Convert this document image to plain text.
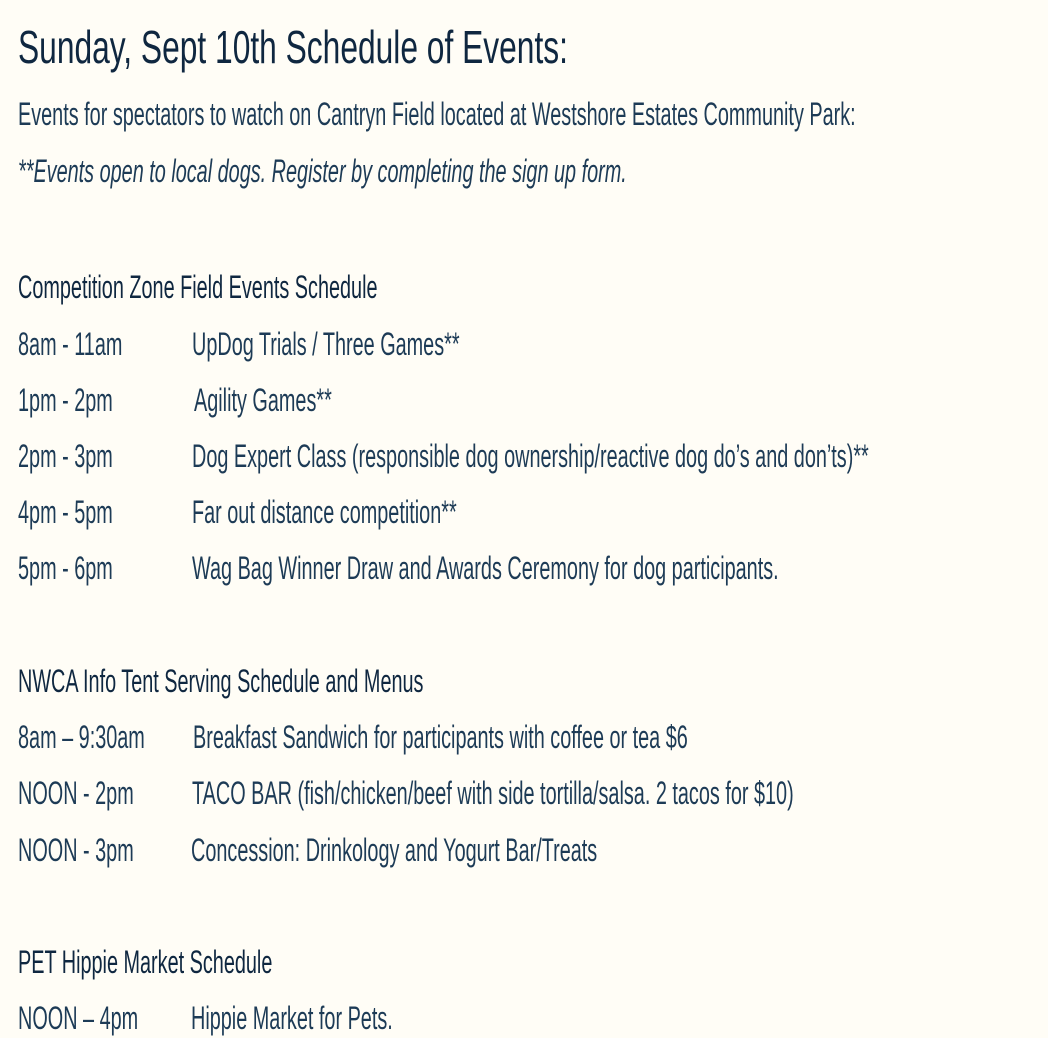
Sunday, Sept 10th Schedule of Events:

Events for spectators to watch on Cantryn Field located at Westshore Estates Community Park:

**Events open to local dogs. Register by completing the sign up form.

Competition Zone Field Events Schedule
8am - 11am	UpDog Trials / Three Games**
1pm - 2pm	Agility Games**
2pm - 3pm	Dog Expert Class (responsible dog ownership/reactive dog do’s and don’ts)**
4pm - 5pm	Far out distance competition**
5pm - 6pm	Wag Bag Winner Draw and Awards Ceremony for dog participants.
NWCA Info Tent Serving Schedule and Menus
8am – 9:30am	Breakfast Sandwich for participants with coffee or tea $6
NOON - 2pm	TACO BAR (fish/chicken/beef with side tortilla/salsa. 2 tacos for $10)
NOON - 3pm	Concession: Drinkology and Yogurt Bar/Treats
PET Hippie Market Schedule
NOON – 4pm	Hippie Market for Pets.
